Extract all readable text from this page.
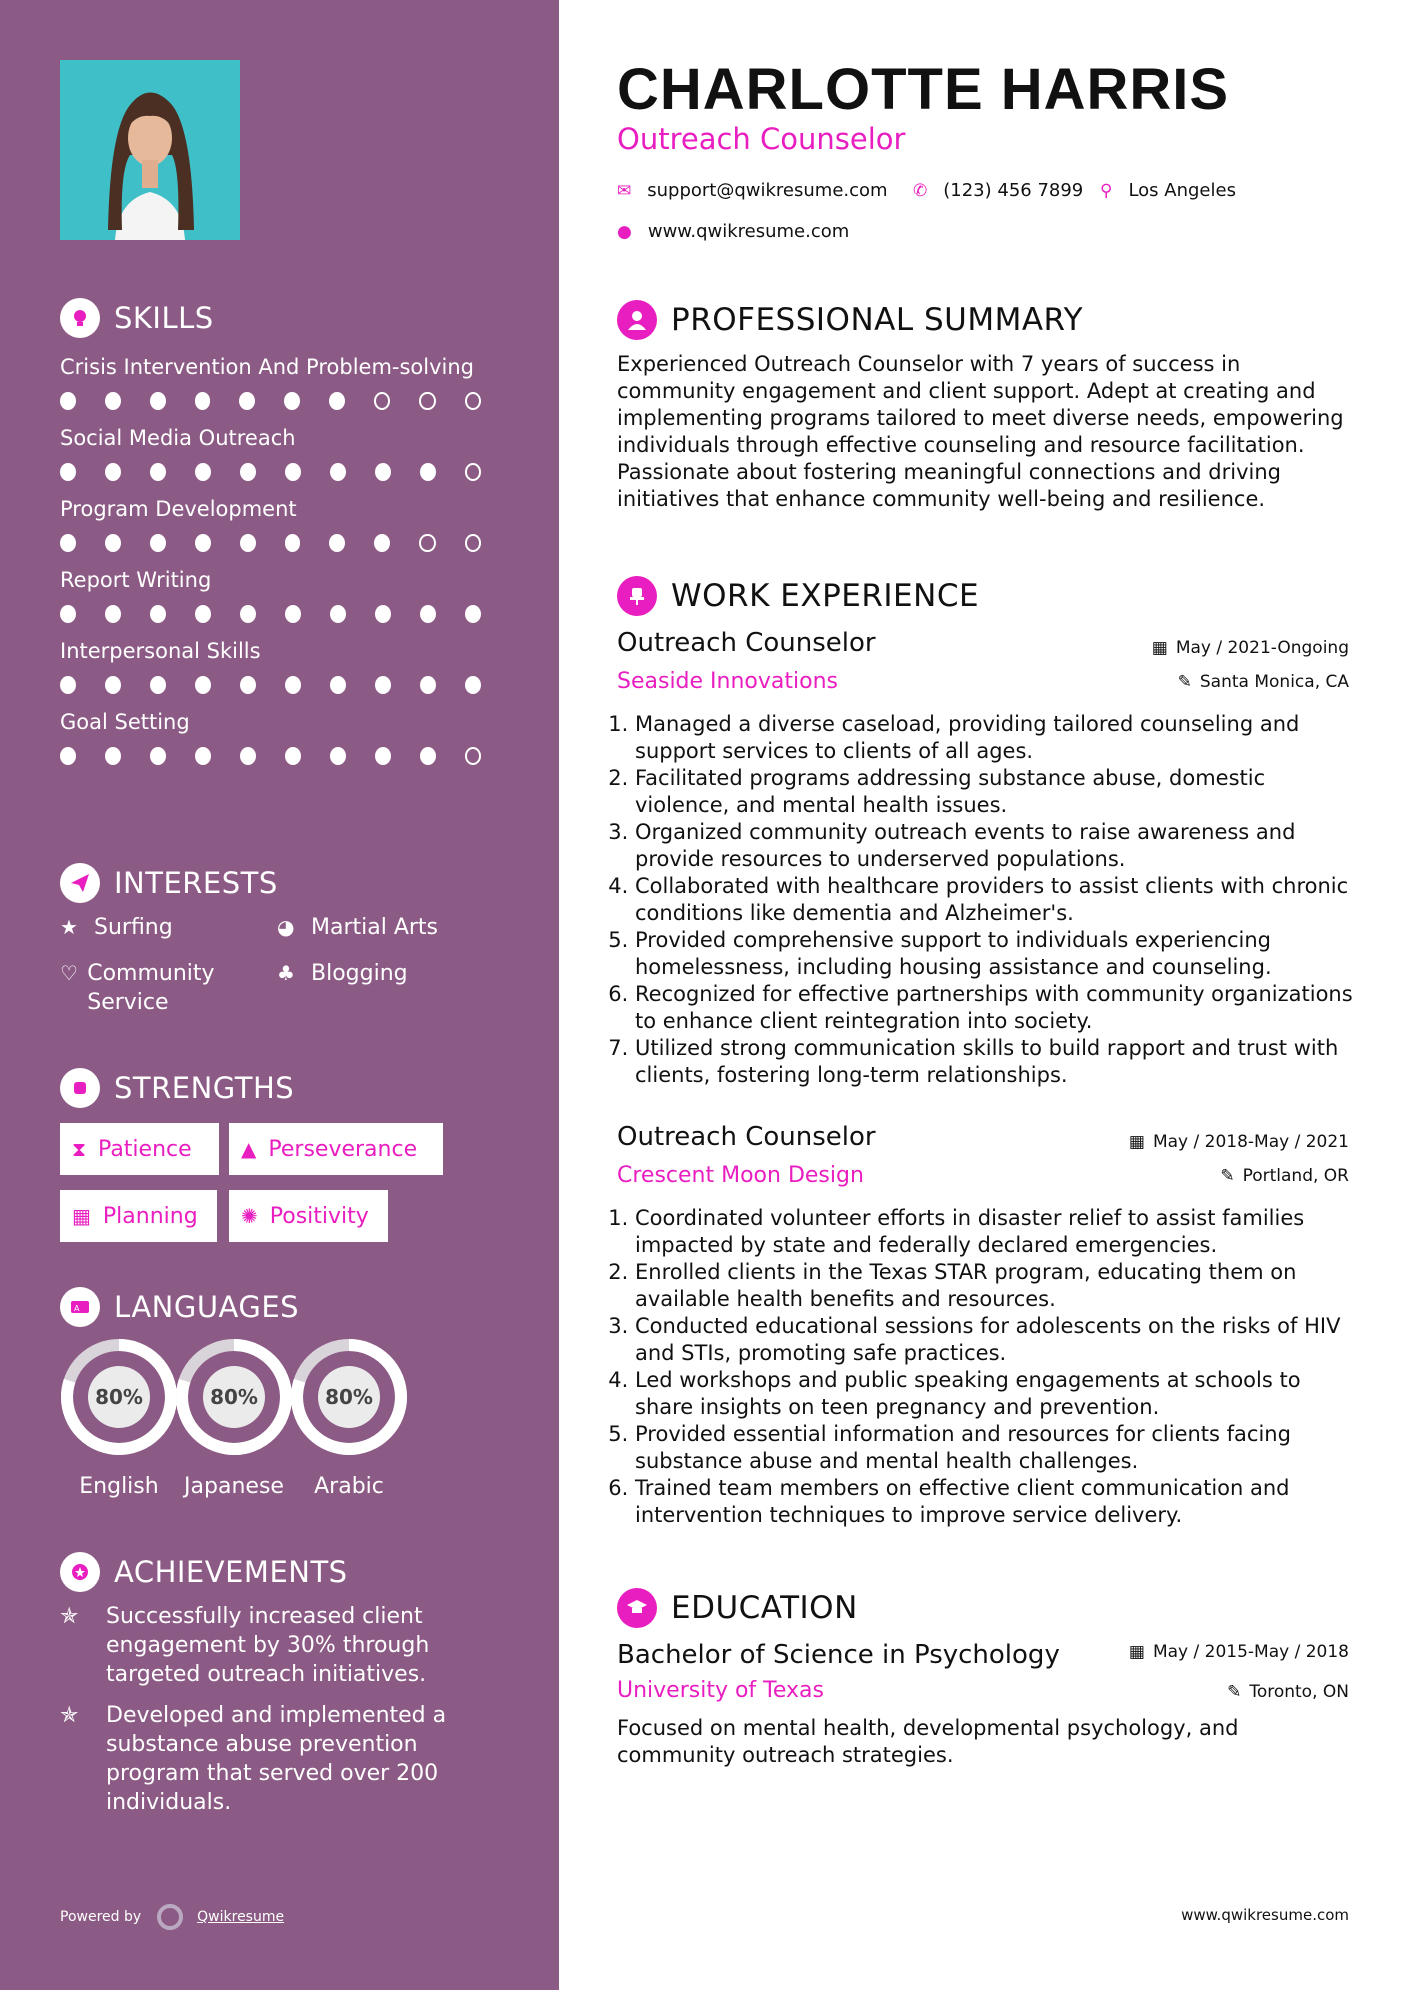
SKILLS
Crisis Intervention And Problem-solving
Social Media Outreach
Program Development
Report Writing
Interpersonal Skills
Goal Setting
INTERESTS
★ Surfing	◕ Martial Arts
♡ Community Service
♣ Blogging
STRENGTHS
⧗ Patience ▲ Perseverance
▦ Planning ✺ Positivity
A LANGUAGES
80%
English
80%
Japanese
80%
Arabic
ACHIEVEMENTS
✯	Successfully increased client engagement by 30% through targeted outreach initiatives.
✯	Developed and implemented a substance abuse prevention program that served over 200 individuals.
Powered by	Qwikresume
CHARLOTTE HARRIS
Outreach Counselor
✉ support@qwikresume.com ✆ (123) 456 7899 ⚲ Los Angeles
● www.qwikresume.com
PROFESSIONAL SUMMARY
Experienced Outreach Counselor with 7 years of success in community engagement and client support. Adept at creating and implementing programs tailored to meet diverse needs, empowering individuals through effective counseling and resource facilitation. Passionate about fostering meaningful connections and driving initiatives that enhance community well-being and resilience.
WORK EXPERIENCE
Outreach Counselor	▦ May / 2021-Ongoing
Seaside Innovations	✎ Santa Monica, CA
1. Managed a diverse caseload, providing tailored counseling and support services to clients of all ages.
2. Facilitated programs addressing substance abuse, domestic violence, and mental health issues.
3. Organized community outreach events to raise awareness and provide resources to underserved populations.
4. Collaborated with healthcare providers to assist clients with chronic conditions like dementia and Alzheimer's.
5. Provided comprehensive support to individuals experiencing homelessness, including housing assistance and counseling.
6. Recognized for effective partnerships with community organizations to enhance client reintegration into society.
7. Utilized strong communication skills to build rapport and trust with clients, fostering long-term relationships.
Outreach Counselor	▦ May / 2018-May / 2021
Crescent Moon Design	✎ Portland, OR
1. Coordinated volunteer efforts in disaster relief to assist families impacted by state and federally declared emergencies.
2. Enrolled clients in the Texas STAR program, educating them on available health benefits and resources.
3. Conducted educational sessions for adolescents on the risks of HIV and STIs, promoting safe practices.
4. Led workshops and public speaking engagements at schools to share insights on teen pregnancy and prevention.
5. Provided essential information and resources for clients facing substance abuse and mental health challenges.
6. Trained team members on effective client communication and intervention techniques to improve service delivery.
EDUCATION
Bachelor of Science in Psychology	▦ May / 2015-May / 2018
University of Texas	✎ Toronto, ON
Focused on mental health, developmental psychology, and community outreach strategies.
www.qwikresume.com
